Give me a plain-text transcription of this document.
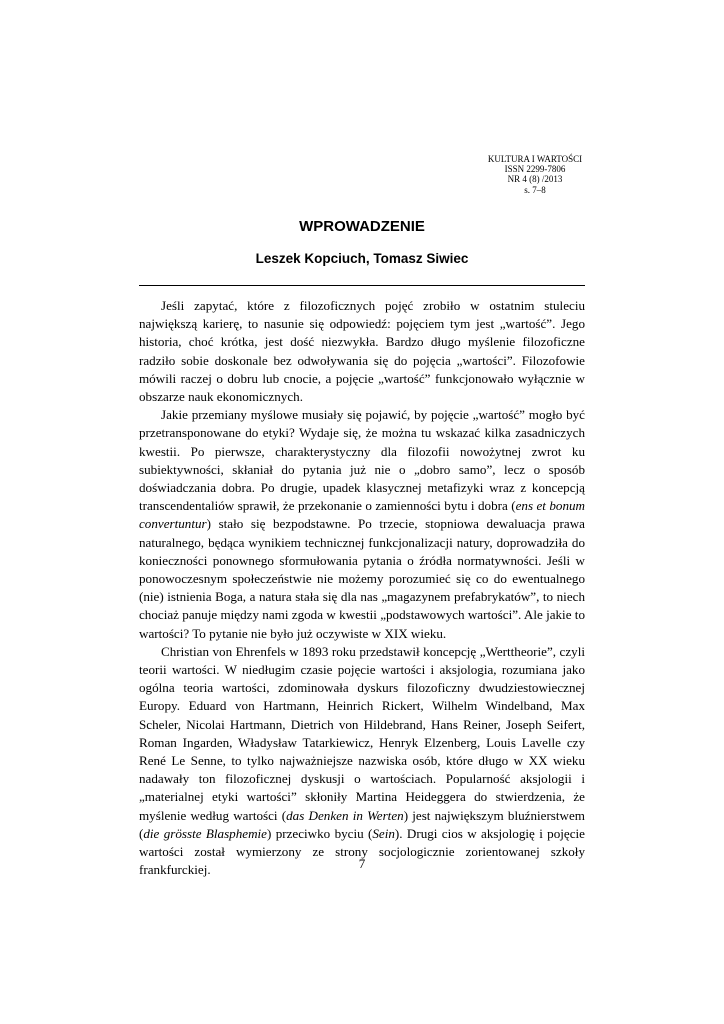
KULTURA I WARTOŚCI
ISSN 2299-7806
NR 4 (8) /2013
s. 7–8
WPROWADZENIE
Leszek Kopciuch, Tomasz Siwiec

Jeśli zapytać, które z filozoficznych pojęć zrobiło w ostatnim stuleciu największą karierę, to nasunie się odpowiedź: pojęciem tym jest „wartość”. Jego historia, choć krótka, jest dość niezwykła. Bardzo długo myślenie filozoficzne radziło sobie doskonale bez odwoływania się do pojęcia „wartości”. Filozofowie mówili raczej o dobru lub cnocie, a pojęcie „wartość” funkcjonowało wyłącznie w obszarze nauk ekonomicznych.

Jakie przemiany myślowe musiały się pojawić, by pojęcie „wartość” mogło być przetransponowane do etyki? Wydaje się, że można tu wskazać kilka zasadniczych kwestii. Po pierwsze, charakterystyczny dla filozofii nowożytnej zwrot ku subiektywności, skłaniał do pytania już nie o „dobro samo”, lecz o sposób doświadczania dobra. Po drugie, upadek klasycznej metafizyki wraz z koncepcją transcendentaliów sprawił, że przekonanie o zamienności bytu i dobra (ens et bonum convertuntur) stało się bezpodstawne. Po trzecie, stopniowa dewaluacja prawa naturalnego, będąca wynikiem technicznej funkcjonalizacji natury, doprowadziła do konieczności ponownego sformułowania pytania o źródła normatywności. Jeśli w ponowoczesnym społeczeństwie nie możemy porozumieć się co do ewentualnego (nie) istnienia Boga, a natura stała się dla nas „magazynem prefabrykatów”, to niech chociaż panuje między nami zgoda w kwestii „podstawowych wartości”. Ale jakie to wartości? To pytanie nie było już oczywiste w XIX wieku.

Christian von Ehrenfels w 1893 roku przedstawił koncepcję „Werttheorie”, czyli teorii wartości. W niedługim czasie pojęcie wartości i aksjologia, rozumiana jako ogólna teoria wartości, zdominowała dyskurs filozoficzny dwudziestowiecznej Europy. Eduard von Hartmann, Heinrich Rickert, Wilhelm Windelband, Max Scheler, Nicolai Hartmann, Dietrich von Hildebrand, Hans Reiner, Joseph Seifert, Roman Ingarden, Władysław Tatarkiewicz, Henryk Elzenberg, Louis Lavelle czy René Le Senne, to tylko najważniejsze nazwiska osób, które długo w XX wieku nadawały ton filozoficznej dyskusji o wartościach. Popularność aksjologii i „materialnej etyki wartości” skłoniły Martina Heideggera do stwierdzenia, że myślenie według wartości (das Denken in Werten) jest największym bluźnierstwem (die grösste Blasphemie) przeciwko byciu (Sein). Drugi cios w aksjologię i pojęcie wartości został wymierzony ze strony socjologicznie zorientowanej szkoły frankfurckiej.	7
